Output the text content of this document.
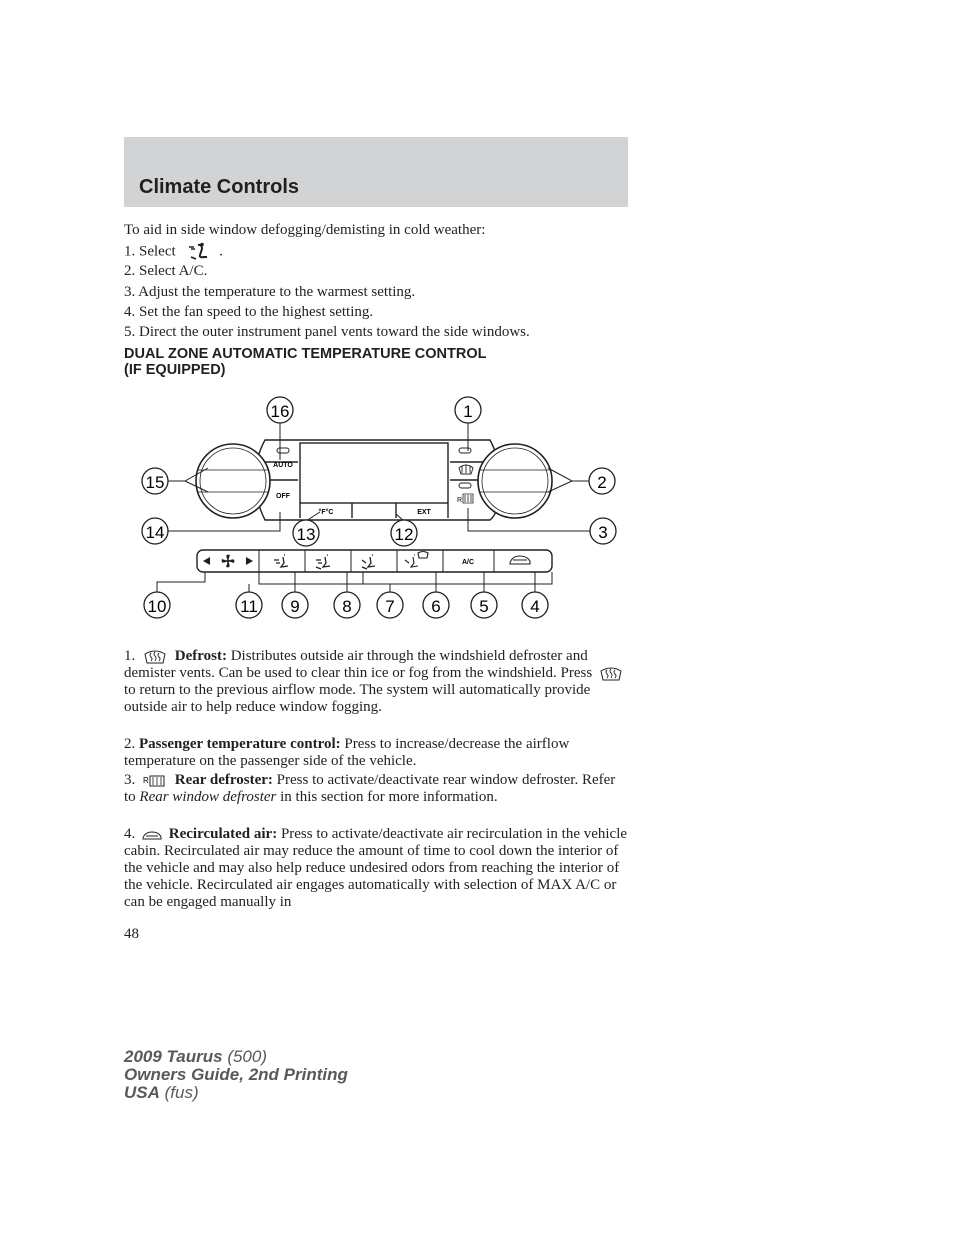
Climate Controls

To aid in side window defogging/demisting in cold weather:

1. Select	.

2. Select A/C.

3. Adjust the temperature to the warmest setting.

4. Set the fan speed to the highest setting.

5. Direct the outer instrument panel vents toward the side windows.

DUAL ZONE AUTOMATIC TEMPERATURE CONTROL
(IF EQUIPPED)
AUTO
OFF
°F°C	EXT
R
A/C
16	1
15	2
14	3
13	12
10	11 9	8 7 6 5 4

1.	Defrost: Distributes outside air through the windshield defroster and demister vents. Can be used to clear thin ice or fog from the windshield. Press  to return to the previous airflow mode. The system will automatically provide outside air to help reduce window fogging.

2. Passenger temperature control: Press to increase/decrease the airflow temperature on the passenger side of the vehicle.

3. R Rear defroster: Press to activate/deactivate rear window defroster. Refer to Rear window defroster in this section for more information.

4. Recirculated air: Press to activate/deactivate air recirculation in the vehicle cabin. Recirculated air may reduce the amount of time to cool down the interior of the vehicle and may also help reduce undesired odors from reaching the interior of the vehicle. Recirculated air engages automatically with selection of MAX A/C or can be engaged manually in

48
2009 Taurus (500)
Owners Guide, 2nd Printing
USA (fus)
